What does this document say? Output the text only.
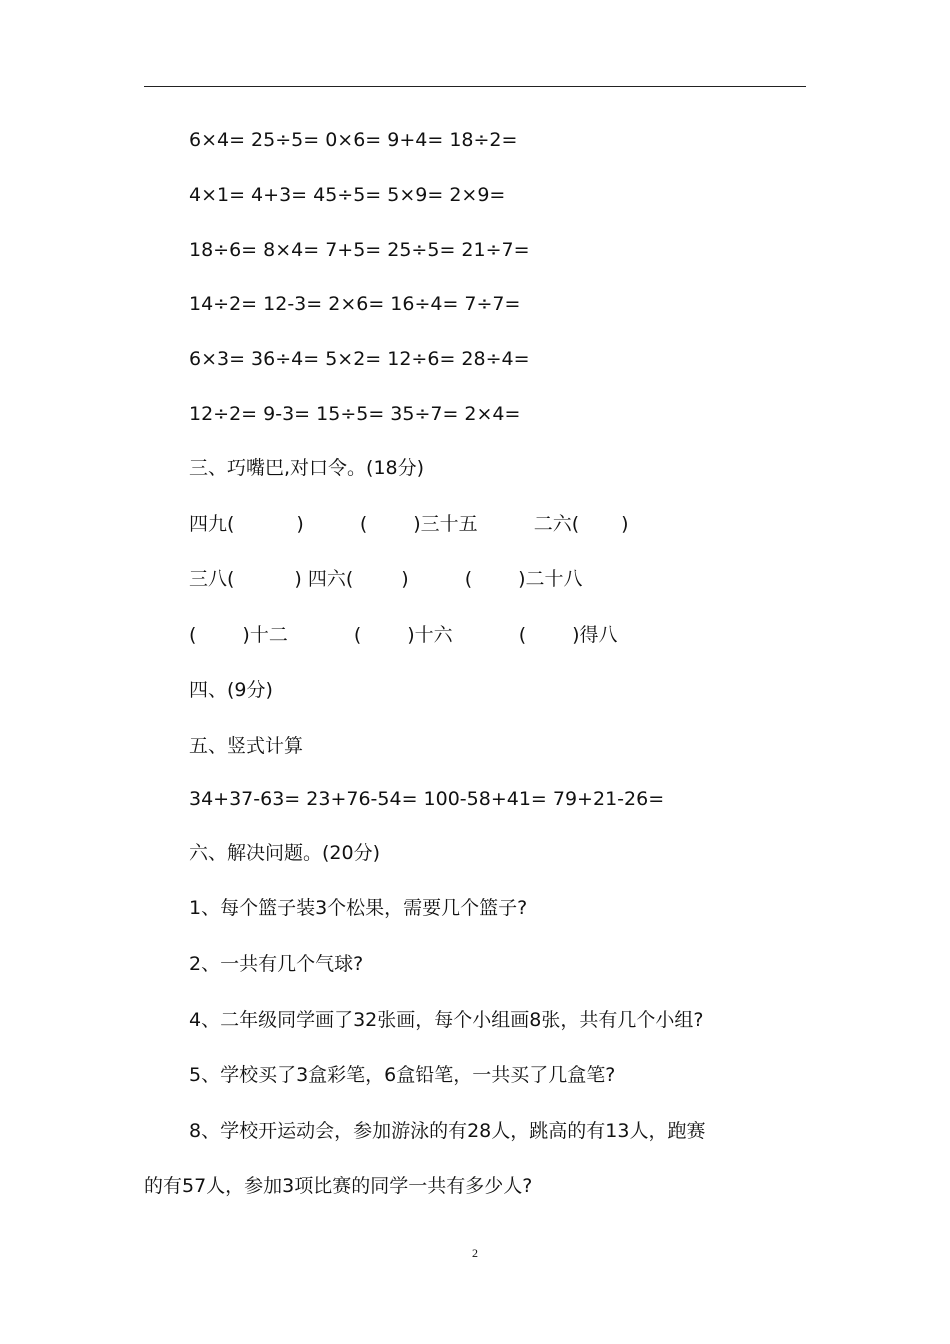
6×4= 25÷5= 0×6= 9+4= 18÷2=
4×1= 4+3= 45÷5= 5×9= 2×9=
18÷6= 8×4= 7+5= 25÷5= 21÷7=
14÷2= 12-3= 2×6= 16÷4= 7÷7=
6×3= 36÷4= 5×2= 12÷6= 28÷4=
12÷2= 9-3= 15÷5= 35÷7= 2×4=
三、巧嘴巴,对口令。(18分)
四九(	)	( )三十五	二六( )
三八(	) 四六(	)	( )二十八
( )十二	( )十六	( )得八
四、(9分)
五、竖式计算
34+37-63= 23+76-54= 100-58+41= 79+21-26=
六、解决问题。(20分)
1、每个篮子装3个松果，需要几个篮子?
2、一共有几个气球?
4、二年级同学画了32张画，每个小组画8张，共有几个小组?
5、学校买了3盒彩笔，6盒铅笔，一共买了几盒笔?
8、学校开运动会，参加游泳的有28人，跳高的有13人，跑赛
的有57人，参加3项比赛的同学一共有多少人?
2
